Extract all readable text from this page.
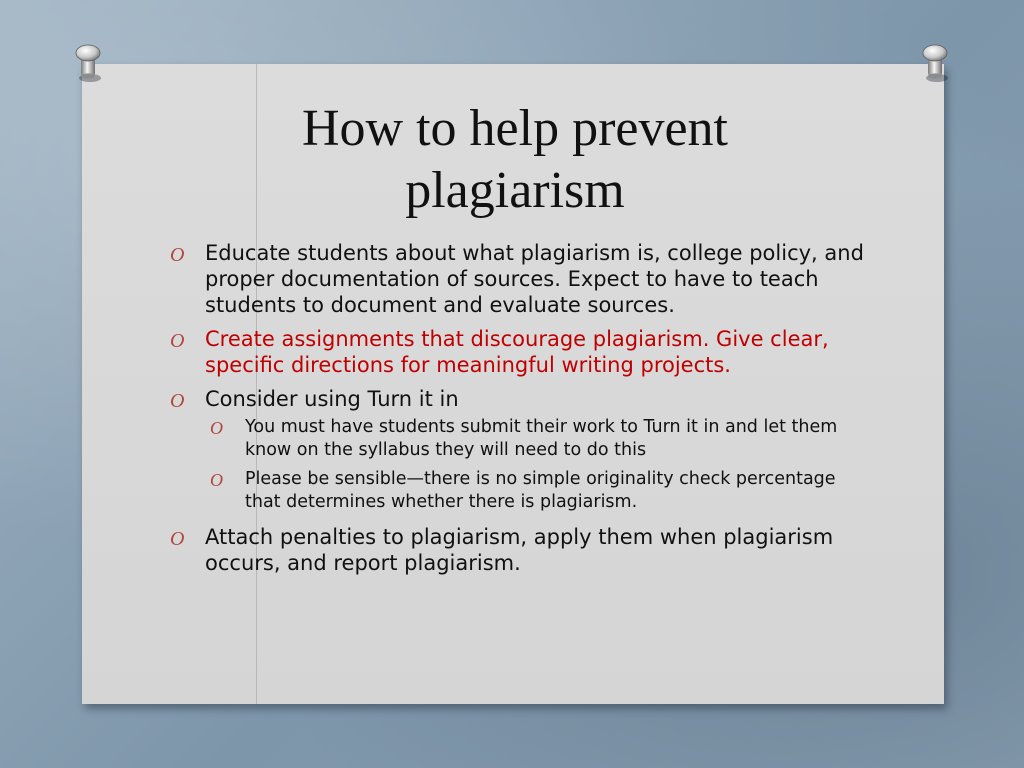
How to help prevent
plagiarism
O Educate students about what plagiarism is, college policy, and proper documentation of sources. Expect to have to teach students to document and evaluate sources.
O Create assignments that discourage plagiarism. Give clear, specific directions for meaningful writing projects.
O Consider using Turn it in
O You must have students submit their work to Turn it in and let them know on the syllabus they will need to do this
O Please be sensible—there is no simple originality check percentage that determines whether there is plagiarism.
O Attach penalties to plagiarism, apply them when plagiarism occurs, and report plagiarism.
